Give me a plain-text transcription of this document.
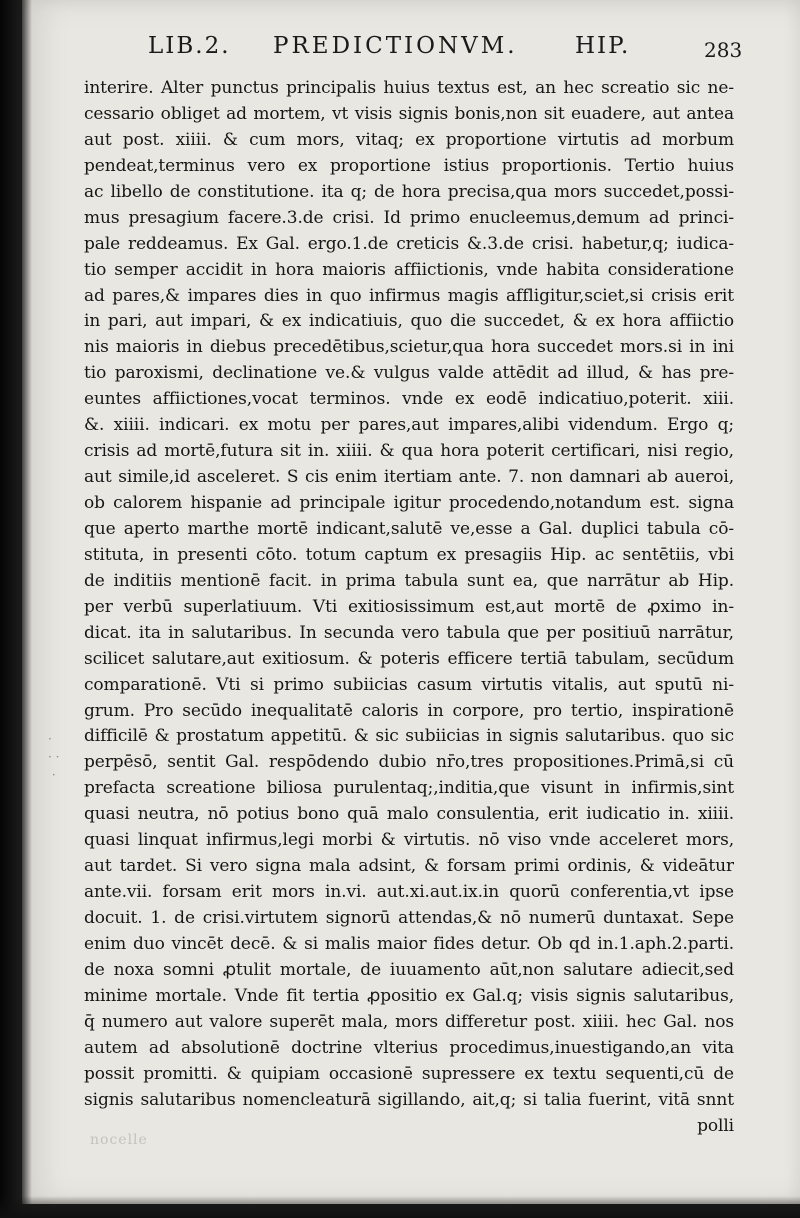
LIB.2. PREDICTIONVM. HIP.	283
interire. Alter punctus principalis huius textus est, an hec screatio sic ne-
cessario obliget ad mortem, vt visis signis bonis,non sit euadere, aut antea
aut post. xiiii. & cum mors, vitaq; ex proportione virtutis ad morbum
pendeat,terminus vero ex proportione istius proportionis. Tertio huius
ac libello de constitutione. ita q; de hora precisa,qua mors succedet,possi-
mus presagium facere.3.de crisi. Id primo enucleemus,demum ad princi-
pale reddeamus. Ex Gal. ergo.1.de creticis &.3.de crisi. habetur,q; iudica-
tio semper accidit in hora maioris affiictionis, vnde habita consideratione
ad pares,& impares dies in quo infirmus magis affligitur,sciet,si crisis erit
in pari, aut impari, & ex indicatiuis, quo die succedet, & ex hora affiictio
nis maioris in diebus precedētibus,scietur,qua hora succedet mors.si in ini
tio paroxismi, declinatione ve.& vulgus valde attēdit ad illud, & has pre-
euntes affiictiones,vocat terminos. vnde ex eodē indicatiuo,poterit. xiii.
&. xiiii. indicari. ex motu per pares,aut impares,alibi videndum. Ergo q;
crisis ad mortē,futura sit in. xiiii. & qua hora poterit certificari, nisi regio,
aut simile,id asceleret. S cis enim itertiam ante. 7. non damnari ab aueroi,
ob calorem hispanie ad principale igitur procedendo,notandum est. signa
que aperto marthe mortē indicant,salutē ve,esse a Gal. duplici tabula cō-
stituta, in presenti cōto. totum captum ex presagiis Hip. ac sentētiis, vbi
de inditiis mentionē facit. in prima tabula sunt ea, que narrātur ab Hip.
per verbū superlatiuum. Vti exitiosissimum est,aut mortē de ꝓximo in-
dicat. ita in salutaribus. In secunda vero tabula que per positiuū narrātur,
scilicet salutare,aut exitiosum. & poteris efficere tertiā tabulam, secūdum
comparationē. Vti si primo subiicias casum virtutis vitalis, aut sputū ni-
grum. Pro secūdo inequalitatē caloris in corpore, pro tertio, inspirationē
difficilē & prostatum appetitū. & sic subiicias in signis salutaribus. quo sic
perpēsō, sentit Gal. respōdendo dubio nr̄o,tres propositiones.Primā,si cū
prefacta screatione biliosa purulentaq;,inditia,que visunt in infirmis,sint
quasi neutra, nō potius bono quā malo consulentia, erit iudicatio in. xiiii.
quasi linquat infirmus,legi morbi & virtutis. nō viso vnde acceleret mors,
aut tardet. Si vero signa mala adsint, & forsam primi ordinis, & videātur
ante.vii. forsam erit mors in.vi. aut.xi.aut.ix.in quorū conferentia,vt ipse
docuit. 1. de crisi.virtutem signorū attendas,& nō numerū duntaxat. Sepe
enim duo vincēt decē. & si malis maior fides detur. Ob qd in.1.aph.2.parti.
de noxa somni ꝓtulit mortale, de iuuamento aūt,non salutare adiecit,sed
minime mortale. Vnde fit tertia ꝓpositio ex Gal.q; visis signis salutaribus,
q̄ numero aut valore superēt mala, mors differetur post. xiiii. hec Gal. nos
autem ad absolutionē doctrine vlterius procedimus,inuestigando,an vita
possit promitti. & quipiam occasionē supressere ex textu sequenti,cū de
signis salutaribus nomencleaturā sigillando, ait,q; si talia fuerint, vitā snnt
polli
nocelle
·
· ·
·
